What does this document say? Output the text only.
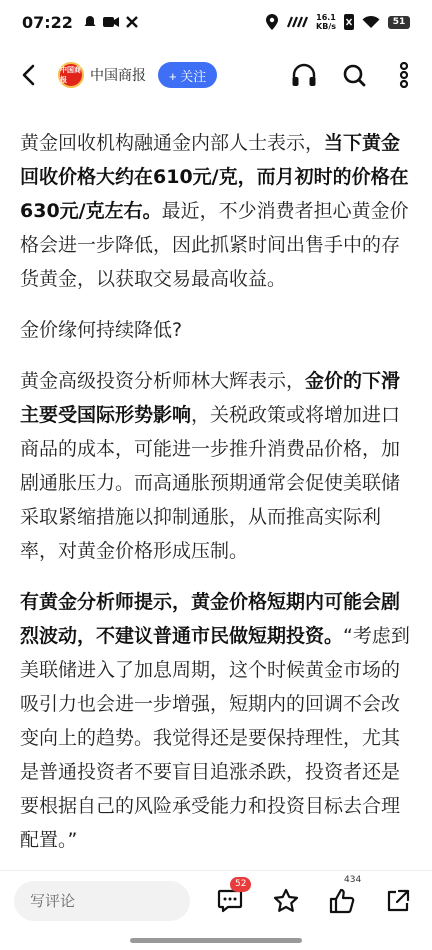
07:22	16.1
KB/s	51
中国商报	中国商报	+ 关注

黄金回收机构融通金内部人士表示，当下黄金回收价格大约在610元/克，而月初时的价格在630元/克左右。最近，不少消费者担心黄金价格会进一步降低，因此抓紧时间出售手中的存货黄金，以获取交易最高收益。

金价缘何持续降低?

黄金高级投资分析师林大辉表示，金价的下滑主要受国际形势影响，关税政策或将增加进口商品的成本，可能进一步推升消费品价格，加剧通胀压力。而高通胀预期通常会促使美联储采取紧缩措施以抑制通胀，从而推高实际利率，对黄金价格形成压制。

有黄金分析师提示，黄金价格短期内可能会剧烈波动，不建议普通市民做短期投资。“考虑到美联储进入了加息周期，这个时候黄金市场的吸引力也会进一步增强，短期内的回调不会改变向上的趋势。我觉得还是要保持理性，尤其是普通投资者不要盲目追涨杀跌，投资者还是要根据自己的风险承受能力和投资目标去合理配置。”

写评论
52	434
